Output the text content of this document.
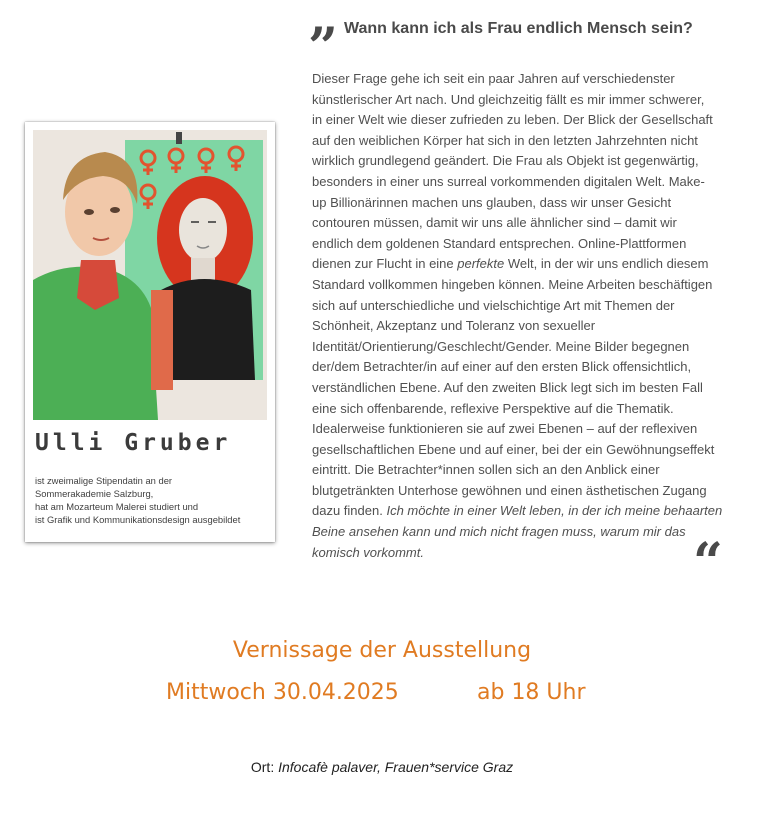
Ulli Gruber
ist zweimalige Stipendatin an der
Sommerakademie Salzburg,
hat am Mozarteum Malerei studiert und
ist Grafik und Kommunikationsdesign ausgebildet
” Wann kann ich als Frau endlich Mensch sein?
Dieser Frage gehe ich seit ein paar Jahren auf verschiedenster
künstlerischer Art nach. Und gleichzeitig fällt es mir immer schwerer,
in einer Welt wie dieser zufrieden zu leben. Der Blick der Gesellschaft
auf den weiblichen Körper hat sich in den letzten Jahrzehnten nicht
wirklich grundlegend geändert. Die Frau als Objekt ist gegenwärtig,
besonders in einer uns surreal vorkommenden digitalen Welt. Make-
up Billionärinnen machen uns glauben, dass wir unser Gesicht
contouren müssen, damit wir uns alle ähnlicher sind – damit wir
endlich dem goldenen Standard entsprechen. Online-Plattformen
dienen zur Flucht in eine perfekte Welt, in der wir uns endlich diesem
Standard vollkommen hingeben können. Meine Arbeiten beschäftigen
sich auf unterschiedliche und vielschichtige Art mit Themen der
Schönheit, Akzeptanz und Toleranz von sexueller
Identität/Orientierung/Geschlecht/Gender. Meine Bilder begegnen
der/dem Betrachter/in auf einer auf den ersten Blick offensichtlich,
verständlichen Ebene. Auf den zweiten Blick legt sich im besten Fall
eine sich offenbarende, reflexive Perspektive auf die Thematik.
Idealerweise funktionieren sie auf zwei Ebenen – auf der reflexiven
gesellschaftlichen Ebene und auf einer, bei der ein Gewöhnungseffekt
eintritt. Die Betrachter*innen sollen sich an den Anblick einer
blutgetränkten Unterhose gewöhnen und einen ästhetischen Zugang
dazu finden. Ich möchte in einer Welt leben, in der ich meine behaarten
Beine ansehen kann und mich nicht fragen muss, warum mir das
komisch vorkommt.	“
Vernissage der Ausstellung
Mittwoch 30.04.2025	ab 18 Uhr
Ort: Infocafè palaver, Frauen*service Graz
